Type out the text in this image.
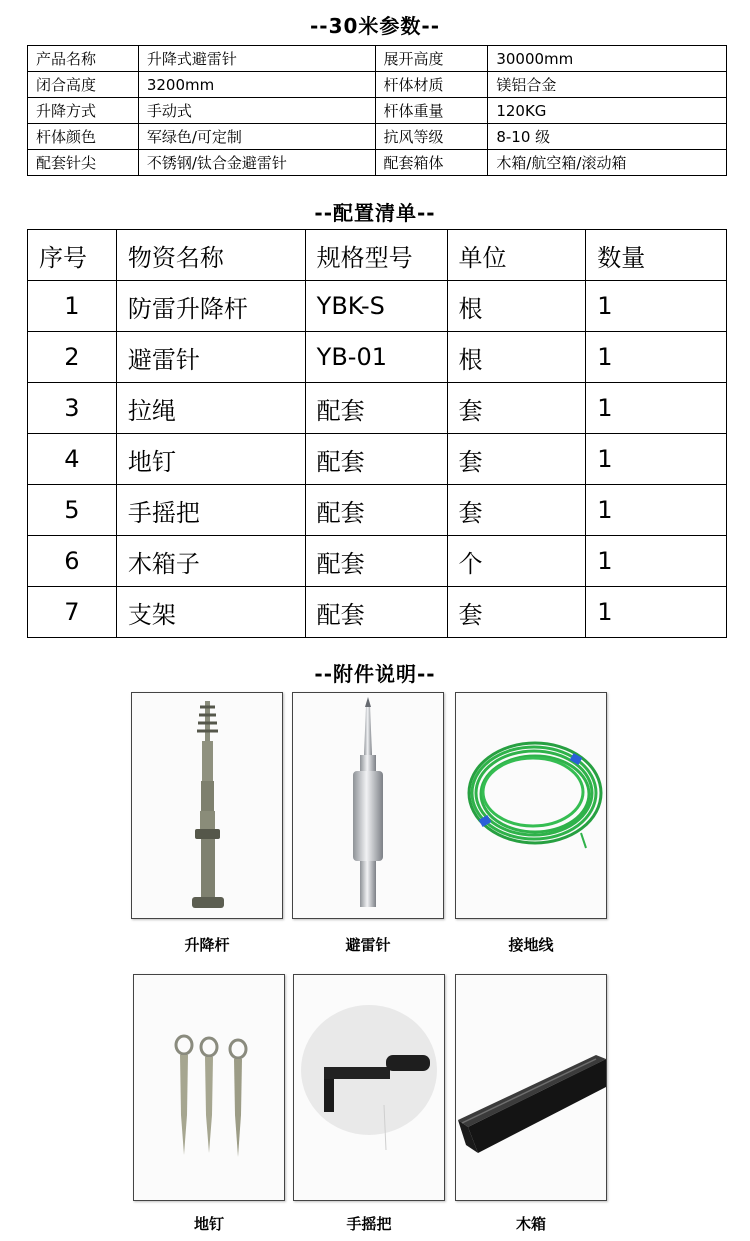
--30米参数--
产品名称	升降式避雷针	展开高度	30000mm
闭合高度	3200mm	杆体材质	镁铝合金
升降方式	手动式	杆体重量	120KG
杆体颜色	军绿色/可定制	抗风等级	8-10 级
配套针尖	不锈钢/钛合金避雷针	配套箱体	木箱/航空箱/滚动箱
--配置清单--
序号	物资名称	规格型号	单位	数量
1	防雷升降杆	YBK-S	根	1
2	避雷针	YB-01	根	1
3	拉绳	配套	套	1
4	地钉	配套	套	1
5	手摇把	配套	套	1
6	木箱子	配套	个	1
7	支架	配套	套	1
--附件说明--
升降杆	避雷针	接地线
地钉	手摇把	木箱
